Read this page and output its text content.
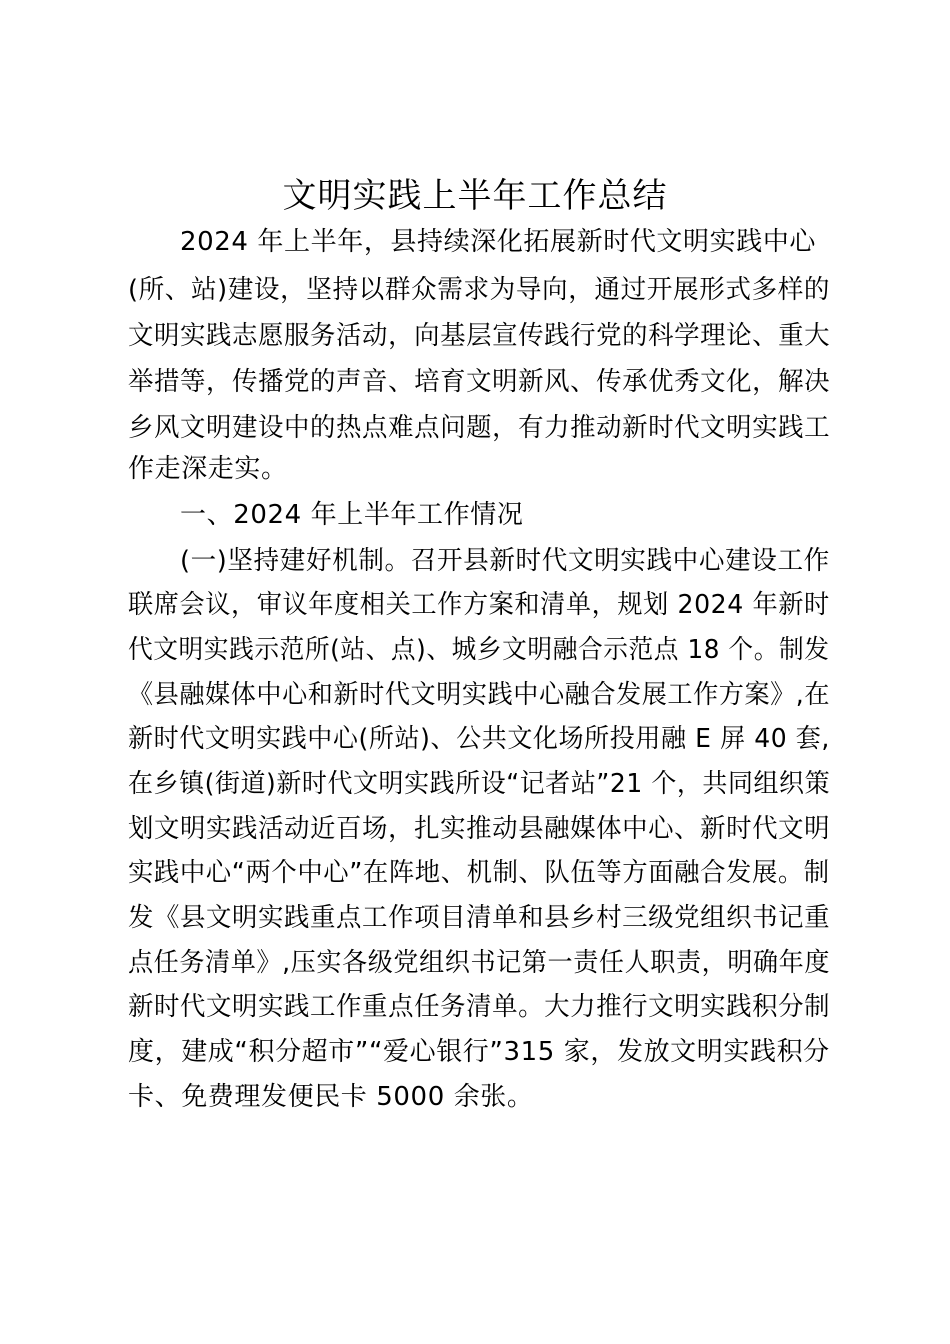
文明实践上半年工作总结
2024 年上半年，县持续深化拓展新时代文明实践中心
(所、站)建设，坚持以群众需求为导向，通过开展形式多样的
文明实践志愿服务活动，向基层宣传践行党的科学理论、重大
举措等，传播党的声音、培育文明新风、传承优秀文化，解决
乡风文明建设中的热点难点问题，有力推动新时代文明实践工
作走深走实。
一、2024 年上半年工作情况
(一)坚持建好机制。召开县新时代文明实践中心建设工作
联席会议，审议年度相关工作方案和清单，规划 2024 年新时
代文明实践示范所(站、点)、城乡文明融合示范点 18 个。制发
《县融媒体中心和新时代文明实践中心融合发展工作方案》,在
新时代文明实践中心(所站)、公共文化场所投用融 E 屏 40 套,
在乡镇(街道)新时代文明实践所设“记者站”21 个，共同组织策
划文明实践活动近百场，扎实推动县融媒体中心、新时代文明
实践中心“两个中心”在阵地、机制、队伍等方面融合发展。制
发《县文明实践重点工作项目清单和县乡村三级党组织书记重
点任务清单》,压实各级党组织书记第一责任人职责，明确年度
新时代文明实践工作重点任务清单。大力推行文明实践积分制
度，建成“积分超市”“爱心银行”315 家，发放文明实践积分
卡、免费理发便民卡 5000 余张。
